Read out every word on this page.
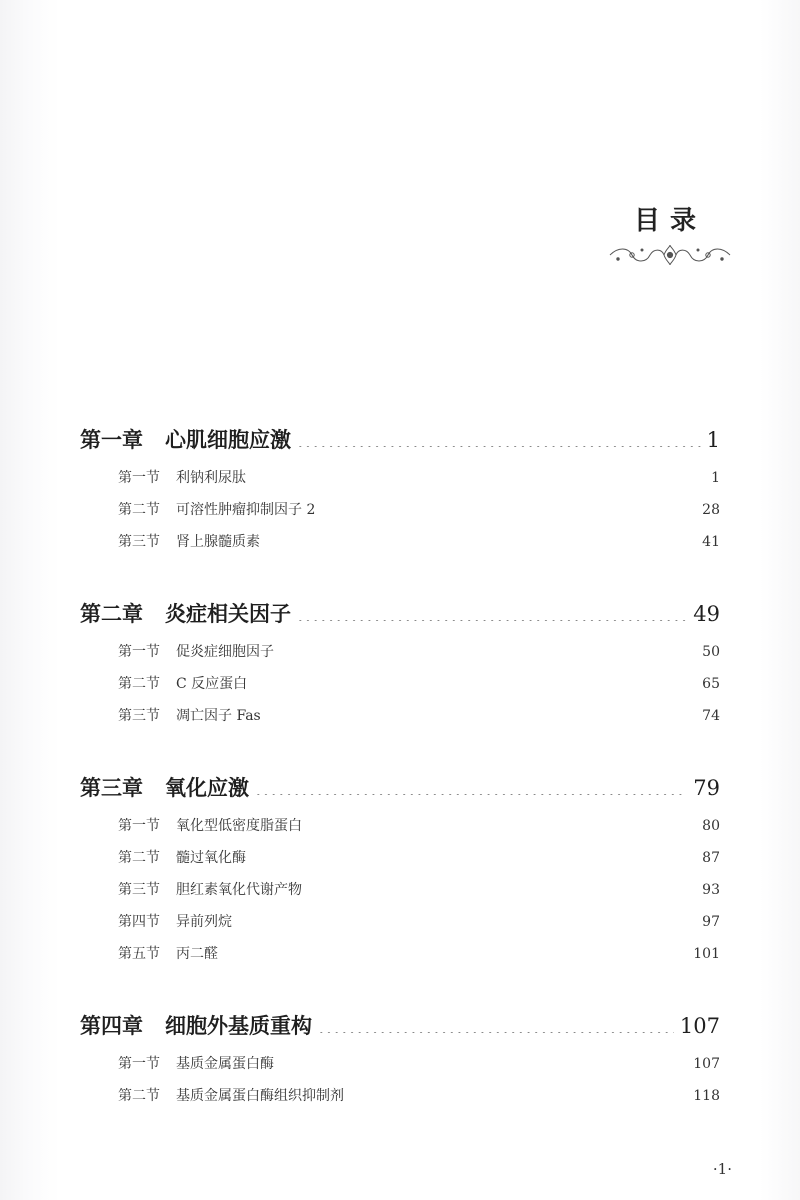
目录
第一章 心肌细胞应激 ·····	1
第一节 利钠利尿肽 ·····	1
第二节 可溶性肿瘤抑制因子 2 ·····	28
第三节 肾上腺髓质素 ·····	41
第二章 炎症相关因子 ·····	49
第一节 促炎症细胞因子 ·····	50
第二节 C 反应蛋白 ·····	65
第三节 凋亡因子 Fas ·····	74
第三章 氧化应激 ·····	79
第一节 氧化型低密度脂蛋白 ·····	80
第二节 髓过氧化酶 ·····	87
第三节 胆红素氧化代谢产物 ·····	93
第四节 异前列烷 ·····	97
第五节 丙二醛 ·····	101
第四章 细胞外基质重构 ·····	107
第一节 基质金属蛋白酶 ·····	107
第二节 基质金属蛋白酶组织抑制剂 ·····	118
·1·
